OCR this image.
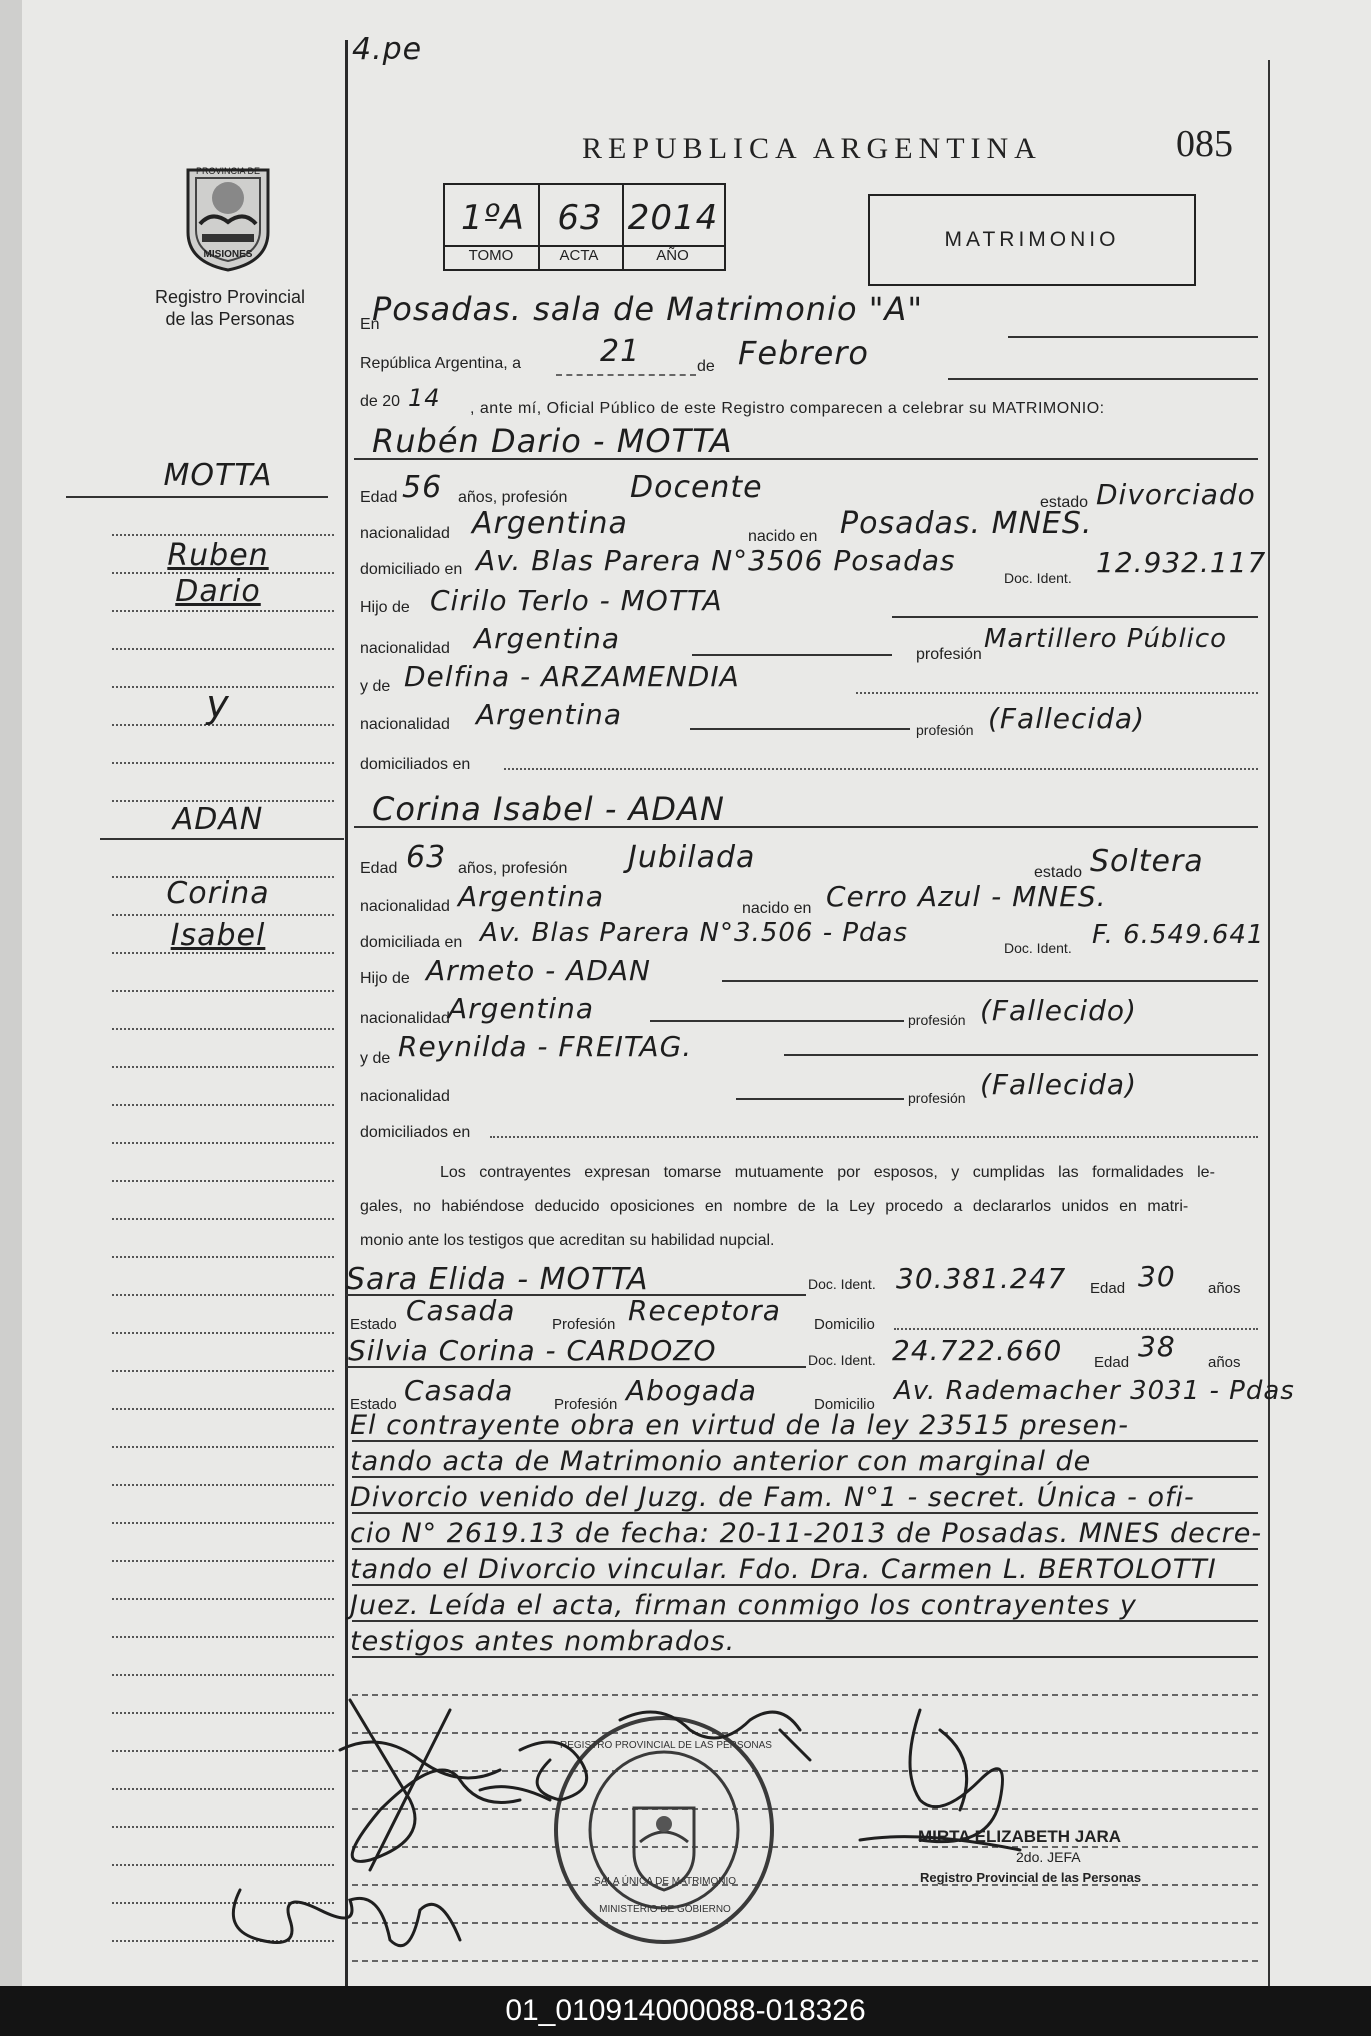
4.pe
REPUBLICA ARGENTINA	085
PROVINCIA DE
MISIONES
Registro Provincial
de las Personas
1ºA 63 2014
TOMO	ACTA	AÑO
MATRIMONIO
En
Posadas. sala de Matrimonio "A"
República Argentina, a	21	de Febrero
de 20 14 , ante mí, Oficial Público de este Registro comparecen a celebrar su MATRIMONIO:
Rubén Dario - MOTTA
Edad 56 años, profesión Docente	estado Divorciado
nacionalidad Argentina	nacido en Posadas. MNES.
domiciliado en Av. Blas Parera N°3506 Posadas
Doc. Ident. 12.932.117
Hijo de Cirilo Terlo - MOTTA
nacionalidad Argentina	profesión
Martillero Público
y de Delfina - ARZAMENDIA
nacionalidad Argentina	profesión (Fallecida)
domiciliados en
Corina Isabel - ADAN
Edad 63 años, profesión Jubilada	estado Soltera
nacionalidad Argentina	nacido en Cerro Azul - MNES.
domiciliada en Av. Blas Parera N°3.506 - Pdas	Doc. Ident. F. 6.549.641
Hijo de Armeto - ADAN
nacionalidad
Argentina	profesión (Fallecido)
y de Reynilda - FREITAG.
nacionalidad	profesión (Fallecida)
domiciliados en
Los contrayentes expresan tomarse mutuamente por esposos, y cumplidas las formalidades le-
gales, no habiéndose deducido oposiciones en nombre de la Ley procedo a declararlos unidos en matri-
monio ante los testigos que acreditan su habilidad nupcial.
Sara Elida - MOTTA	Doc. Ident. 30.381.247 Edad 30 años
Estado Casada Profesión Receptora Domicilio
Silvia Corina - CARDOZO	Doc. Ident. 24.722.660 Edad 38 años
Estado Casada	Profesión Abogada	Domicilio Av. Rademacher 3031 - Pdas
El contrayente obra en virtud de la ley 23515 presen-
tando acta de Matrimonio anterior con marginal de
Divorcio venido del Juzg. de Fam. N°1 - secret. Única - ofi-
cio N° 2619.13 de fecha: 20-11-2013 de Posadas. MNES decre-
tando el Divorcio vincular. Fdo. Dra. Carmen L. BERTOLOTTI
Juez. Leída el acta, firman conmigo los contrayentes y
testigos antes nombrados.
MOTTA
Ruben
Dario
y
ADAN
Corina
Isabel
REGISTRO PROVINCIAL DE LAS PERSONAS
SALA ÚNICA DE MATRIMONIO
MINISTERIO DE GOBIERNO
MIRTA ELIZABETH JARA
2do. JEFA
Registro Provincial de las Personas
01_010914000088-018326
